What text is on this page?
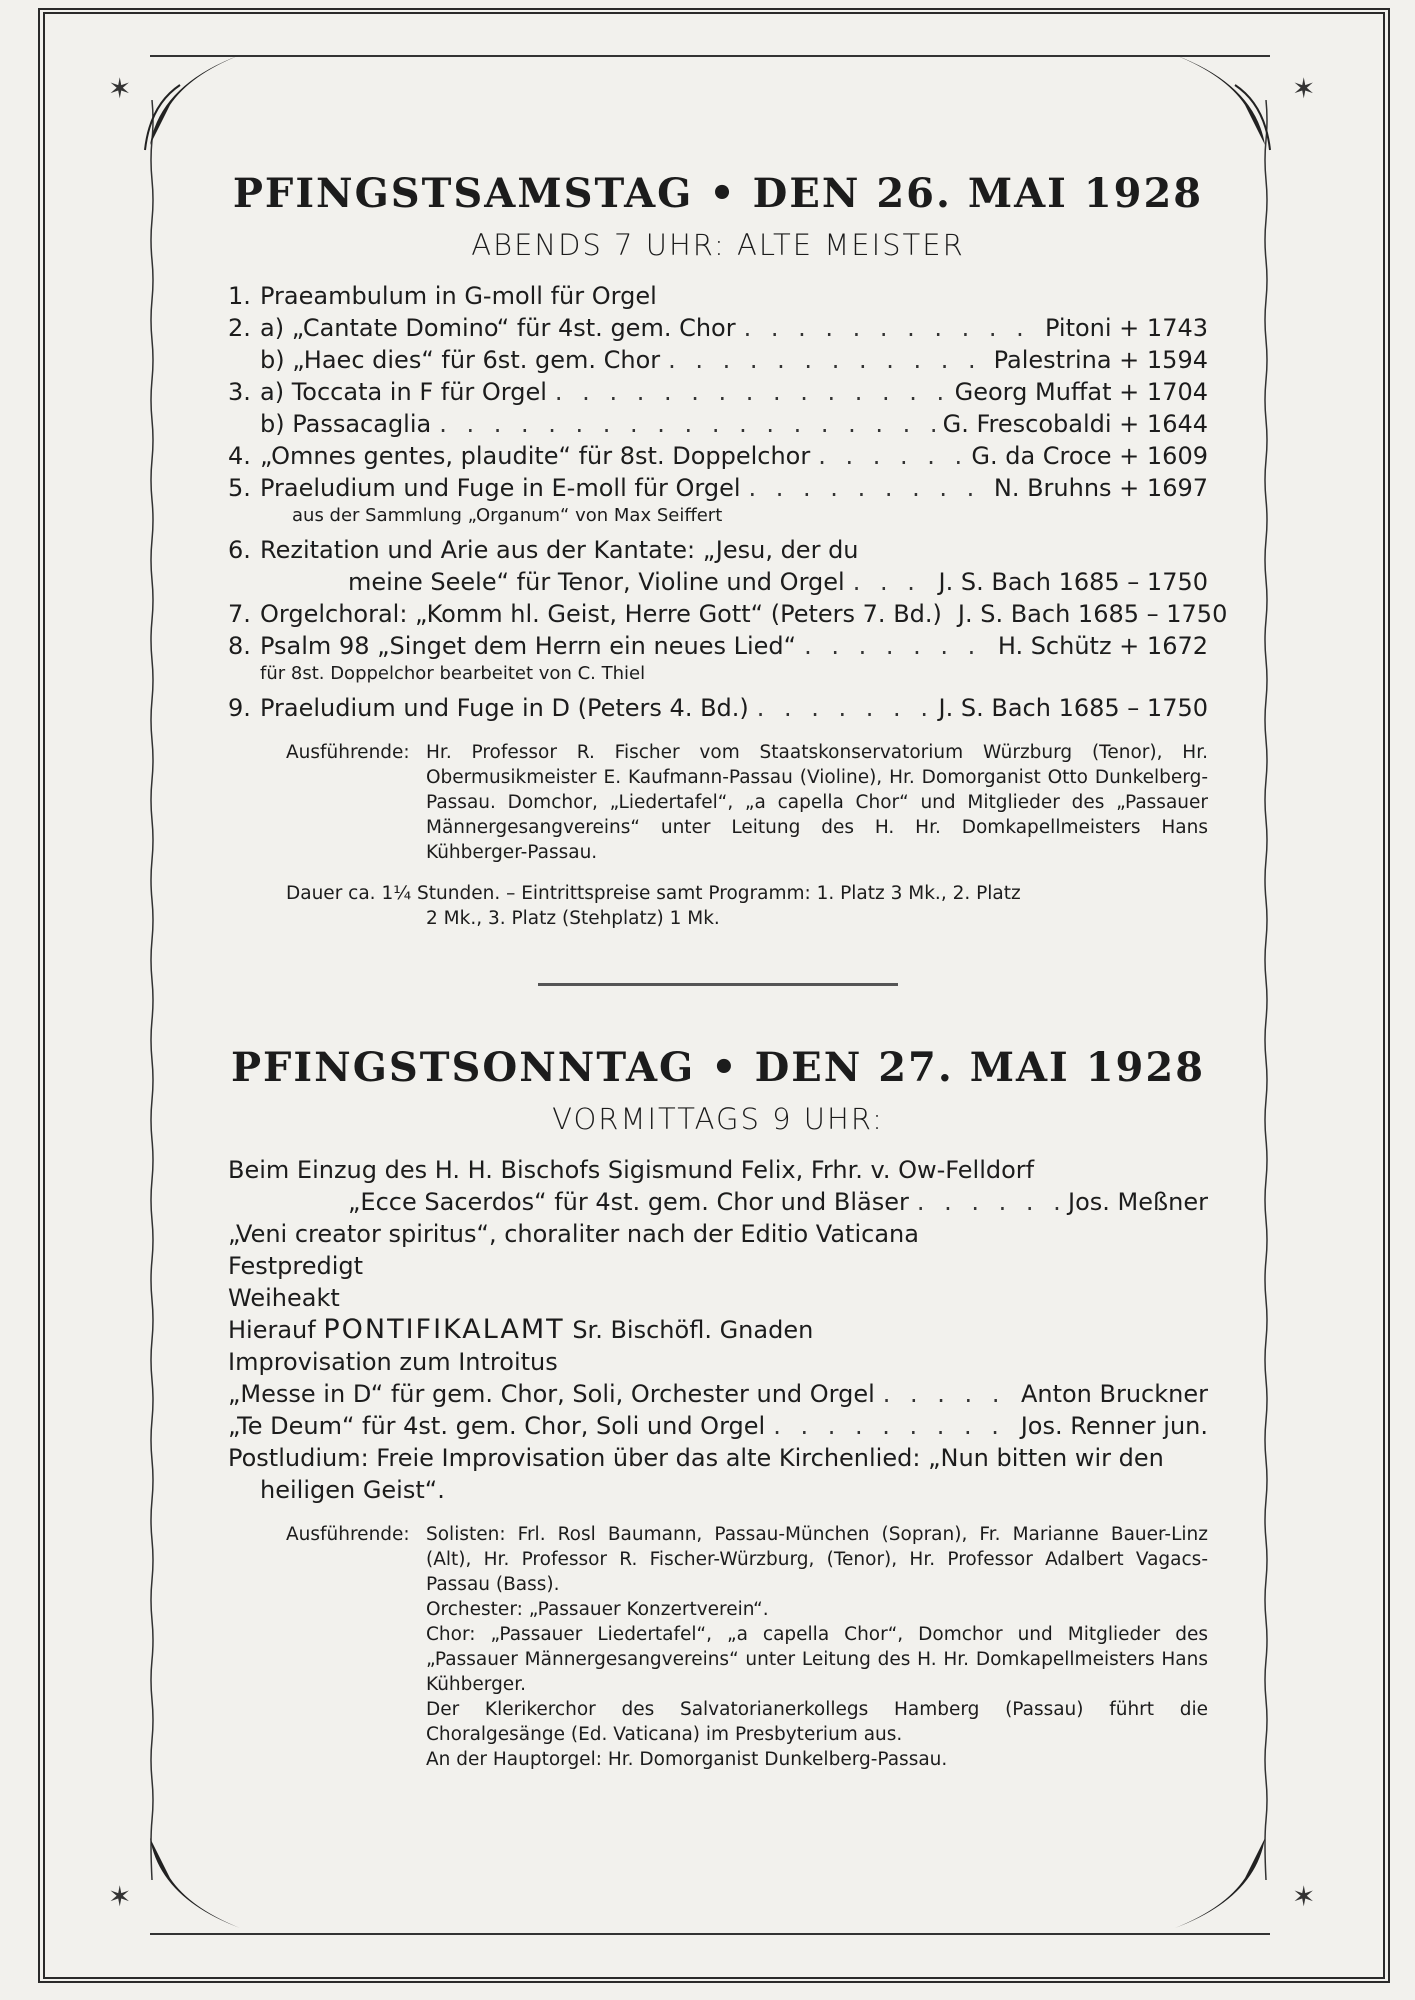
✶	✶
✶	✶
PFINGSTSAMSTAG • DEN 26. MAI 1928
ABENDS 7 UHR: ALTE MEISTER
1. Praeambulum in G-moll für Orgel
2. a) „Cantate Domino“ für 4st. gem. Chor . . .	Pitoni + 1743
b) „Haec dies“ für 6st. gem. Chor . . .	Palestrina + 1594
3. a) Toccata in F für Orgel . . .	Georg Muffat + 1704
b) Passacaglia . . .	G. Frescobaldi + 1644
4. „Omnes gentes, plaudite“ für 8st. Doppelchor . . .	G. da Croce + 1609
5. Praeludium und Fuge in E-moll für Orgel . . .	N. Bruhns + 1697
aus der Sammlung „Organum“ von Max Seiffert
6. Rezitation und Arie aus der Kantate: „Jesu, der du
meine Seele“ für Tenor, Violine und Orgel . . .	J. S. Bach 1685 – 1750
7. Orgelchoral: „Komm hl. Geist, Herre Gott“ (Peters 7. Bd.) J. S. Bach 1685 – 1750
8. Psalm 98 „Singet dem Herrn ein neues Lied“ . . .	H. Schütz + 1672
für 8st. Doppelchor bearbeitet von C. Thiel
9. Praeludium und Fuge in D (Peters 4. Bd.) . . .	J. S. Bach 1685 – 1750
Ausführende: Hr. Professor R. Fischer vom Staatskonservatorium Würzburg (Tenor), Hr. Obermusikmeister E. Kaufmann-Passau (Violine), Hr. Domorganist Otto Dunkelberg-Passau. Domchor, „Liedertafel“, „a capella Chor“ und Mitglieder des „Passauer Männergesangvereins“ unter Leitung des H. Hr. Domkapellmeisters Hans Kühberger-Passau.
Dauer ca. 1¼ Stunden. – Eintrittspreise samt Programm: 1. Platz 3 Mk., 2. Platz
2 Mk., 3. Platz (Stehplatz) 1 Mk.
PFINGSTSONNTAG • DEN 27. MAI 1928
VORMITTAGS 9 UHR:
Beim Einzug des H. H. Bischofs Sigismund Felix, Frhr. v. Ow-Felldorf
„Ecce Sacerdos“ für 4st. gem. Chor und Bläser . . .	Jos. Meßner
„Veni creator spiritus“, choraliter nach der Editio Vaticana
Festpredigt
Weiheakt
Hierauf PONTIFIKALAMT Sr. Bischöfl. Gnaden
Improvisation zum Introitus
„Messe in D“ für gem. Chor, Soli, Orchester und Orgel . . .	Anton Bruckner
„Te Deum“ für 4st. gem. Chor, Soli und Orgel . . .	Jos. Renner jun.
Postludium: Freie Improvisation über das alte Kirchenlied: „Nun bitten wir den
heiligen Geist“.
Ausführende: Solisten: Frl. Rosl Baumann, Passau-München (Sopran), Fr. Marianne Bauer-Linz (Alt), Hr. Professor R. Fischer-Würzburg, (Tenor), Hr. Professor Adalbert Vagacs-Passau (Bass).
Orchester: „Passauer Konzertverein“.
Chor: „Passauer Liedertafel“, „a capella Chor“, Domchor und Mitglieder des „Passauer Männergesangvereins“ unter Leitung des H. Hr. Domkapellmeisters Hans Kühberger.
Der Klerikerchor des Salvatorianerkollegs Hamberg (Passau) führt die Choralgesänge (Ed. Vaticana) im Presbyterium aus.
An der Hauptorgel: Hr. Domorganist Dunkelberg-Passau.
